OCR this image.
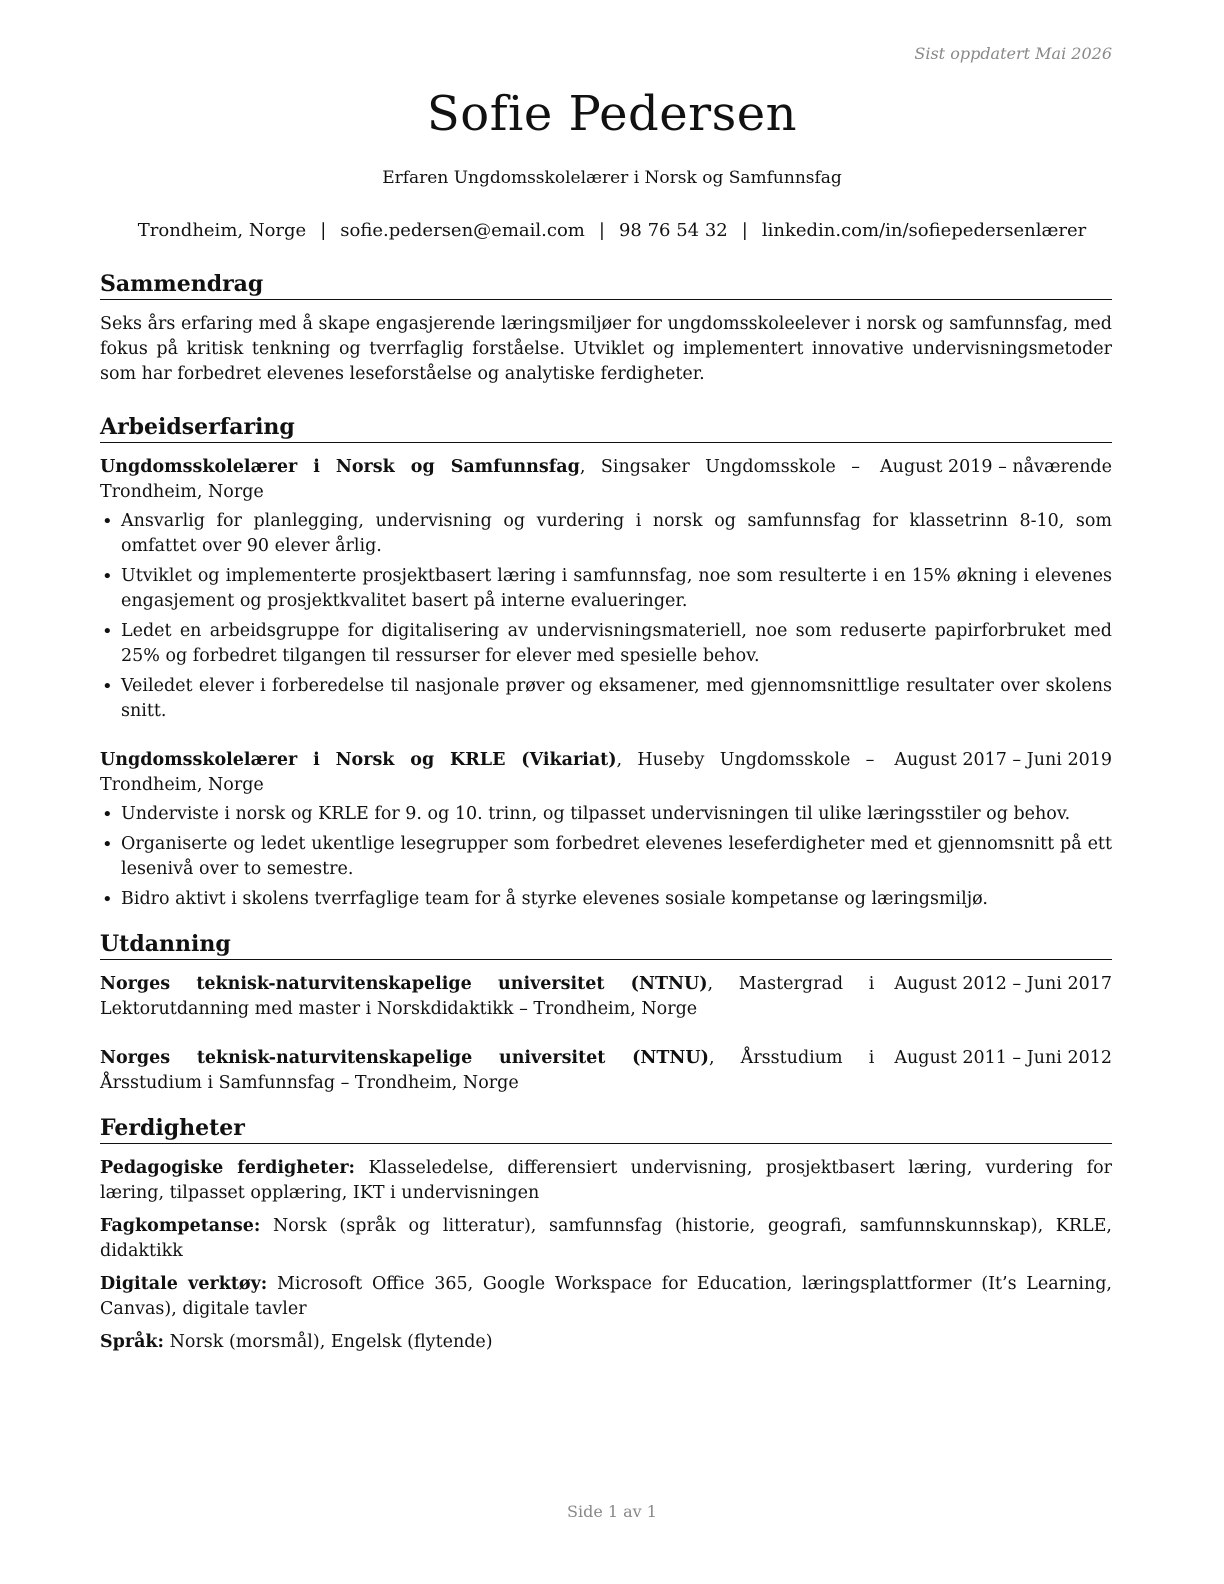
Sist oppdatert Mai 2026
Sofie Pedersen
Erfaren Ungdomsskolelærer i Norsk og Samfunnsfag
Trondheim, Norge | sofie.pedersen@email.com | 98 76 54 32 | linkedin.com/in/sofiepedersenlærer
Sammendrag

Seks års erfaring med å skape engasjerende læringsmiljøer for ungdomsskoleelever i norsk og samfunnsfag, med fokus på kritisk tenkning og tverrfaglig forståelse. Utviklet og implementert innovative undervisningsmetoder som har forbedret elevenes leseforståelse og analytiske ferdigheter.

Arbeidserfaring
Ungdomsskolelærer i Norsk og Samfunnsfag, Singsaker Ungdomsskole – Trondheim, Norge
August 2019 – nåværende
• Ansvarlig for planlegging, undervisning og vurdering i norsk og samfunnsfag for klassetrinn 8-10, som omfattet over 90 elever årlig.
• Utviklet og implementerte prosjektbasert læring i samfunnsfag, noe som resulterte i en 15% økning i elevenes engasjement og prosjektkvalitet basert på interne evalueringer.
• Ledet en arbeidsgruppe for digitalisering av undervisningsmateriell, noe som reduserte papirforbruket med 25% og forbedret tilgangen til ressurser for elever med spesielle behov.
• Veiledet elever i forberedelse til nasjonale prøver og eksamener, med gjennomsnittlige resultater over skolens snitt.
Ungdomsskolelærer i Norsk og KRLE (Vikariat), Huseby Ungdomsskole – Trondheim, Norge
August 2017 – Juni 2019
• Underviste i norsk og KRLE for 9. og 10. trinn, og tilpasset undervisningen til ulike læringsstiler og behov.
• Organiserte og ledet ukentlige lesegrupper som forbedret elevenes leseferdigheter med et gjennomsnitt på ett lesenivå over to semestre.
• Bidro aktivt i skolens tverrfaglige team for å styrke elevenes sosiale kompetanse og læringsmiljø.
Utdanning
Norges teknisk-naturvitenskapelige universitet (NTNU), Mastergrad i Lektorutdanning med master i Norskdidaktikk – Trondheim, Norge
August 2012 – Juni 2017
Norges teknisk-naturvitenskapelige universitet (NTNU), Årsstudium i Årsstudium i Samfunnsfag – Trondheim, Norge
August 2011 – Juni 2012
Ferdigheter

Pedagogiske ferdigheter: Klasseledelse, differensiert undervisning, prosjektbasert læring, vurdering for læring, tilpasset opplæring, IKT i undervisningen

Fagkompetanse: Norsk (språk og litteratur), samfunnsfag (historie, geografi, samfunnskunnskap), KRLE, didaktikk

Digitale verktøy: Microsoft Office 365, Google Workspace for Education, læringsplattformer (It’s Learning, Canvas), digitale tavler

Språk: Norsk (morsmål), Engelsk (flytende)

Side 1 av 1
